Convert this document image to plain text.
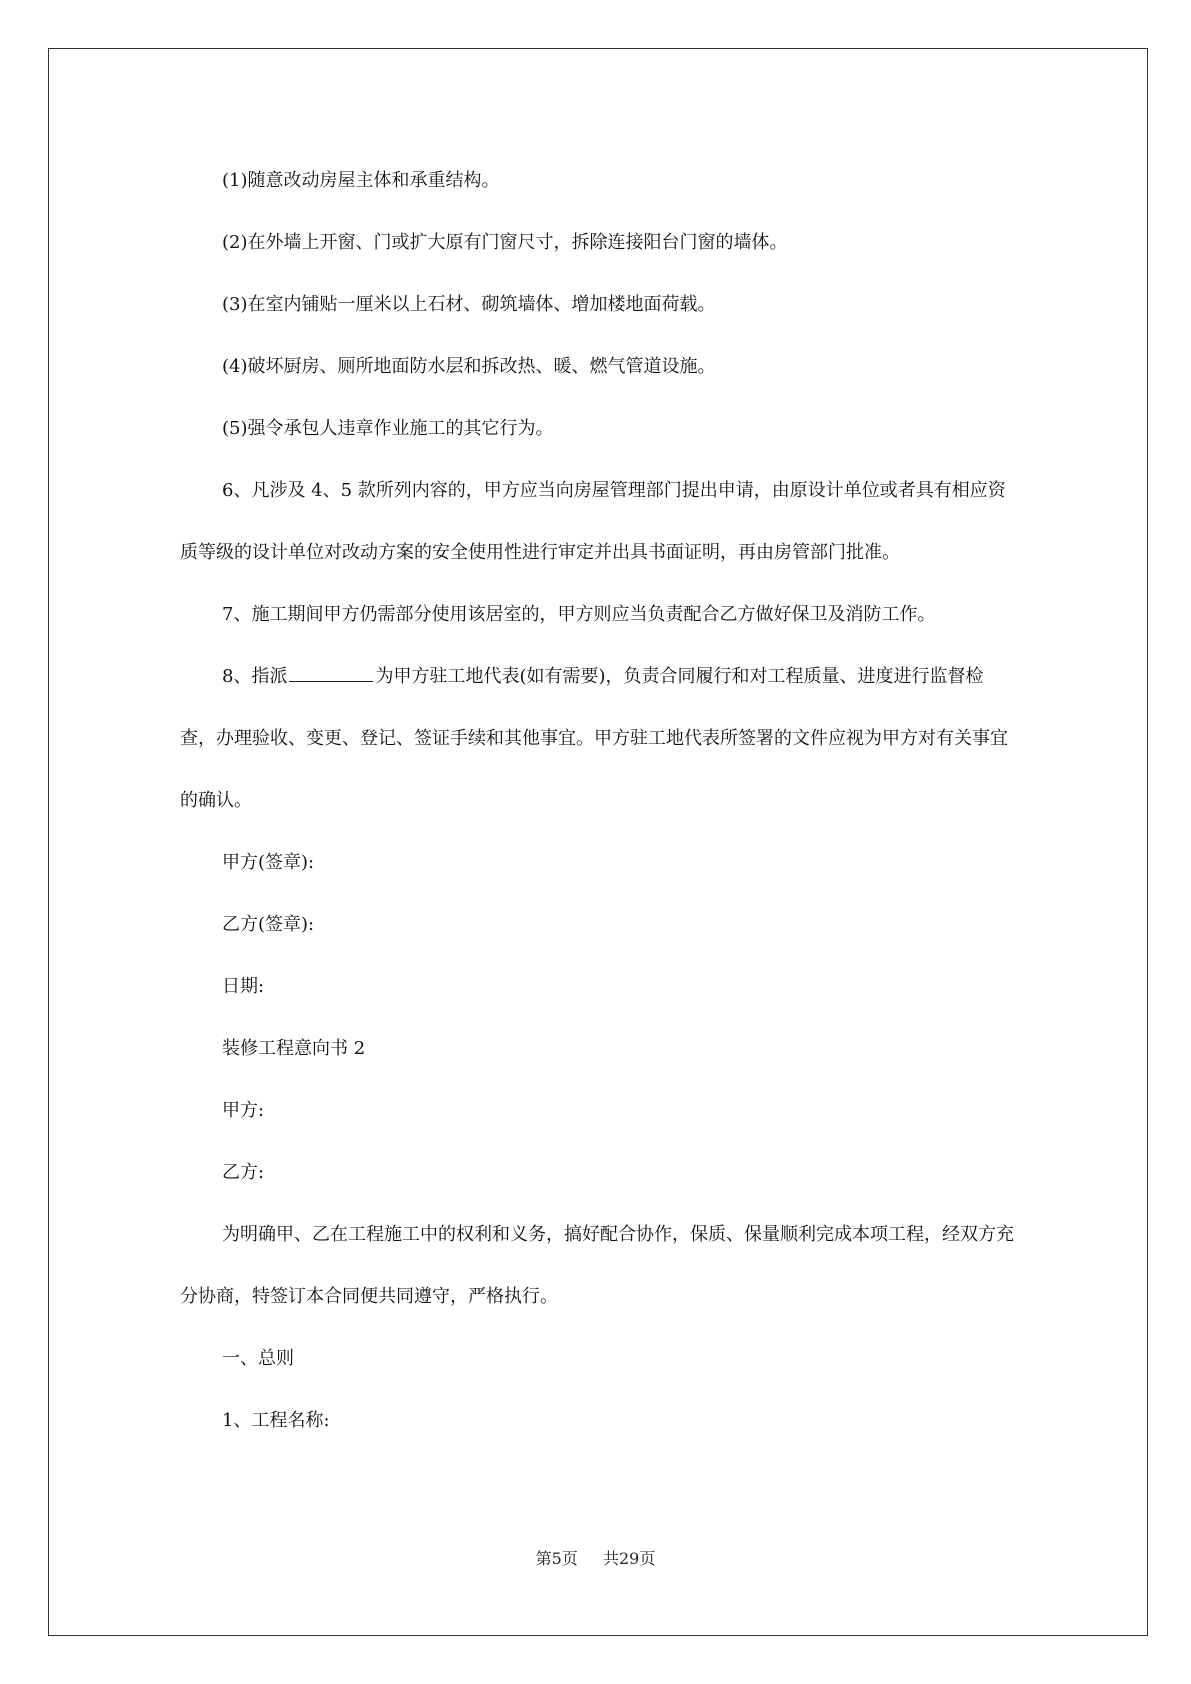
(1)随意改动房屋主体和承重结构。

(2)在外墙上开窗、门或扩大原有门窗尺寸，拆除连接阳台门窗的墙体。

(3)在室内铺贴一厘米以上石材、砌筑墙体、增加楼地面荷载。

(4)破坏厨房、厕所地面防水层和拆改热、暖、燃气管道设施。

(5)强令承包人违章作业施工的其它行为。

6、凡涉及 4、5 款所列内容的，甲方应当向房屋管理部门提出申请，由原设计单位或者具有相应资质等级的设计单位对改动方案的安全使用性进行审定并出具书面证明，再由房管部门批准。

7、施工期间甲方仍需部分使用该居室的，甲方则应当负责配合乙方做好保卫及消防工作。

8、指派	为甲方驻工地代表(如有需要)，负责合同履行和对工程质量、进度进行监督检查，办理验收、变更、登记、签证手续和其他事宜。甲方驻工地代表所签署的文件应视为甲方对有关事宜的确认。

甲方(签章):

乙方(签章):

日期:

装修工程意向书 2

甲方:

乙方:

为明确甲、乙在工程施工中的权利和义务，搞好配合协作，保质、保量顺利完成本项工程，经双方充分协商，特签订本合同便共同遵守，严格执行。

一、总则

1、工程名称:

第5页 共29页
